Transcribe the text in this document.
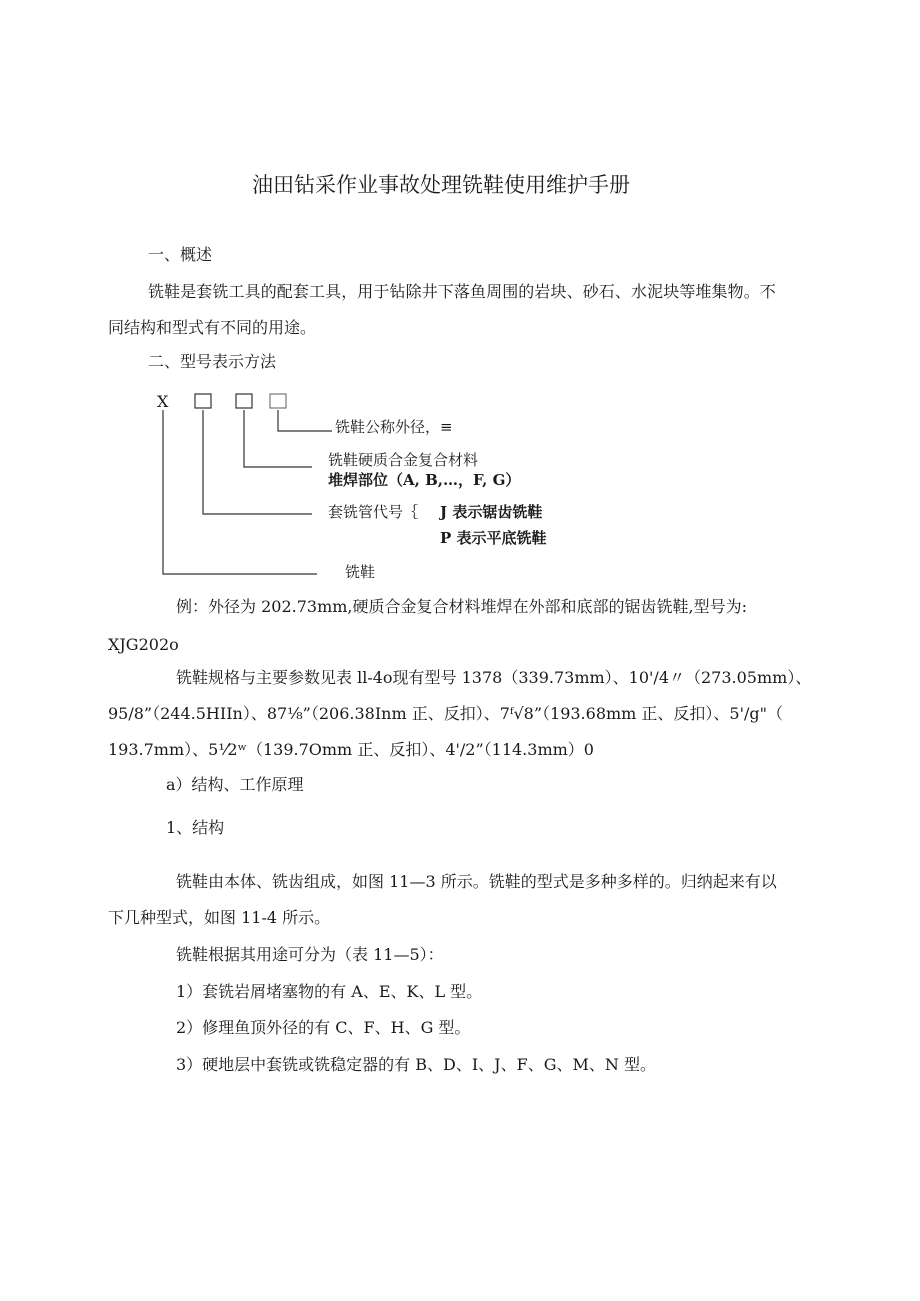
油田钻采作业事故处理铣鞋使用维护手册
一、概述
铣鞋是套铣工具的配套工具，用于钻除井下落鱼周围的岩块、砂石、水泥块等堆集物。不
同结构和型式有不同的用途。
二、型号表示方法
X
铣鞋公称外径，≡
铣鞋硬质合金复合材料
堆焊部位（A, B,…，F, G）
套铣管代号｛ J 表示锯齿铣鞋
P 表示平底铣鞋
铣鞋
例：外径为 202.73mm,硬质合金复合材料堆焊在外部和底部的锯齿铣鞋,型号为:
XJG202o
铣鞋规格与主要参数见表 ll-4o现有型号 1378（339.73mm）、10'/4〃（273.05mm）、
95/8”（244.5HIIn）、87⅛”（206.38Inm 正、反扣）、7ᶠ√8”（193.68mm 正、反扣）、5'/g"（
193.7mm）、5⅟2ʷ（139.7Omm 正、反扣）、4'/2”（114.3mm）0
a）结构、工作原理
1、结构
铣鞋由本体、铣齿组成，如图 11—3 所示。铣鞋的型式是多种多样的。归纳起来有以
下几种型式，如图 11-4 所示。
铣鞋根据其用途可分为（表 11—5）：
1）套铣岩屑堵塞物的有 A、E、K、L 型。
2）修理鱼顶外径的有 C、F、H、G 型。
3）硬地层中套铣或铣稳定器的有 B、D、I、J、F、G、M、N 型。
